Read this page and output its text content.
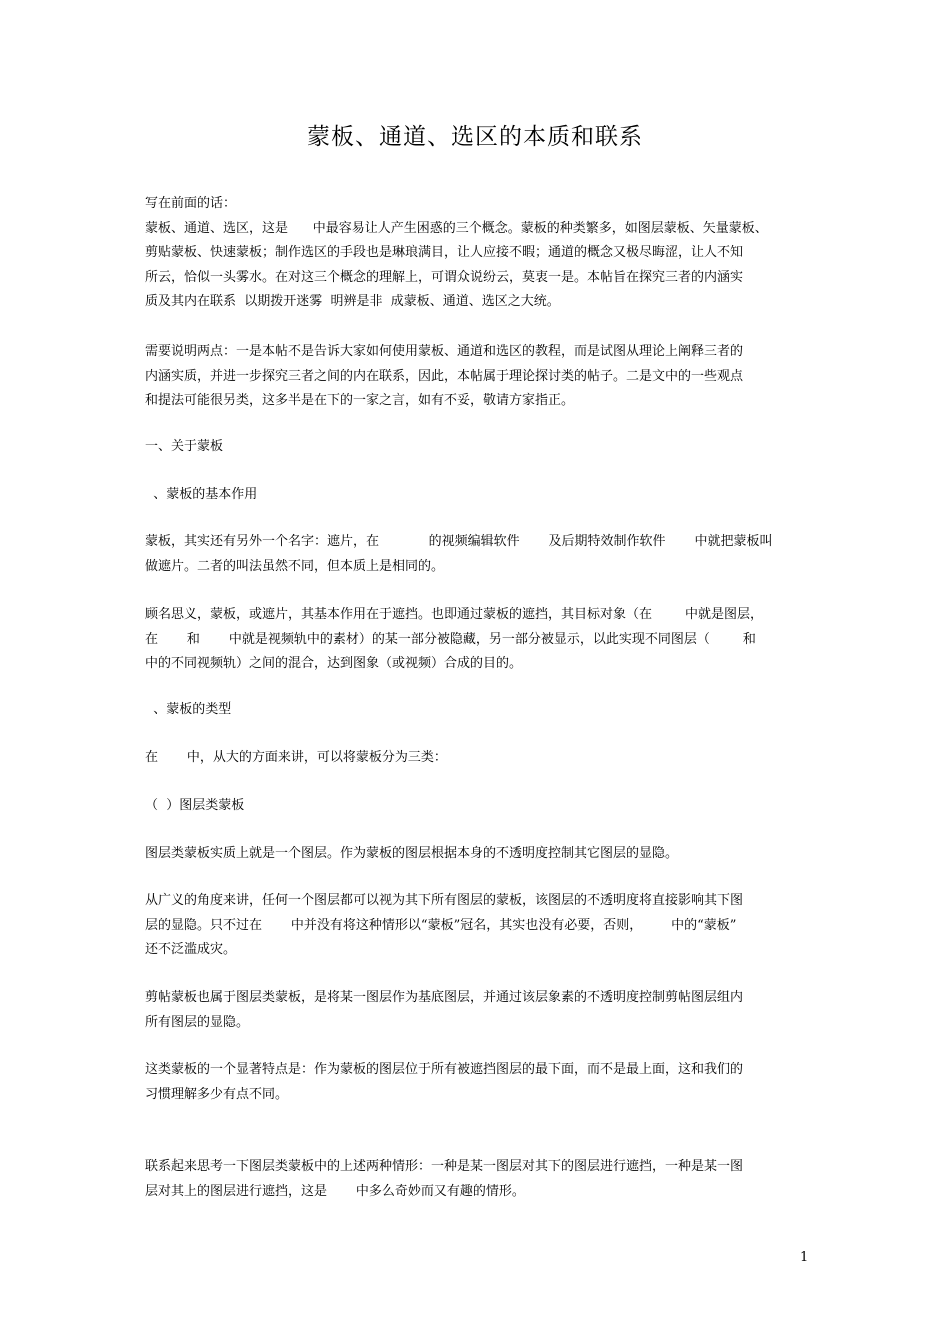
蒙板、通道、选区的本质和联系
写在前面的话：
蒙板、通道、选区，这是      中最容易让人产生困惑的三个概念。蒙板的种类繁多，如图层蒙板、矢量蒙板、
剪贴蒙板、快速蒙板；制作选区的手段也是琳琅满目，让人应接不暇；通道的概念又极尽晦涩，让人不知
所云，恰似一头雾水。在对这三个概念的理解上，可谓众说纷云，莫衷一是。本帖旨在探究三者的内涵实
质及其内在联系  以期拨开迷雾  明辨是非  成蒙板、通道、选区之大统。
需要说明两点：一是本帖不是告诉大家如何使用蒙板、通道和选区的教程，而是试图从理论上阐释三者的
内涵实质，并进一步探究三者之间的内在联系，因此，本帖属于理论探讨类的帖子。二是文中的一些观点
和提法可能很另类，这多半是在下的一家之言，如有不妥，敬请方家指正。
一、关于蒙板
、蒙板的基本作用
蒙板，其实还有另外一个名字：遮片，在            的视频编辑软件       及后期特效制作软件       中就把蒙板叫
做遮片。二者的叫法虽然不同，但本质上是相同的。
顾名思义，蒙板，或遮片，其基本作用在于遮挡。也即通过蒙板的遮挡，其目标对象（在        中就是图层，
在       和       中就是视频轨中的素材）的某一部分被隐藏，另一部分被显示，以此实现不同图层（        和
中的不同视频轨）之间的混合，达到图象（或视频）合成的目的。
、蒙板的类型
在       中，从大的方面来讲，可以将蒙板分为三类：
（  ）图层类蒙板
图层类蒙板实质上就是一个图层。作为蒙板的图层根据本身的不透明度控制其它图层的显隐。
从广义的角度来讲，任何一个图层都可以视为其下所有图层的蒙板，该图层的不透明度将直接影响其下图
层的显隐。只不过在       中并没有将这种情形以“蒙板”冠名，其实也没有必要，否则，       中的“蒙板”
还不泛滥成灾。
剪帖蒙板也属于图层类蒙板，是将某一图层作为基底图层，并通过该层象素的不透明度控制剪帖图层组内
所有图层的显隐。
这类蒙板的一个显著特点是：作为蒙板的图层位于所有被遮挡图层的最下面，而不是最上面，这和我们的
习惯理解多少有点不同。
联系起来思考一下图层类蒙板中的上述两种情形：一种是某一图层对其下的图层进行遮挡，一种是某一图
层对其上的图层进行遮挡，这是       中多么奇妙而又有趣的情形。
1
